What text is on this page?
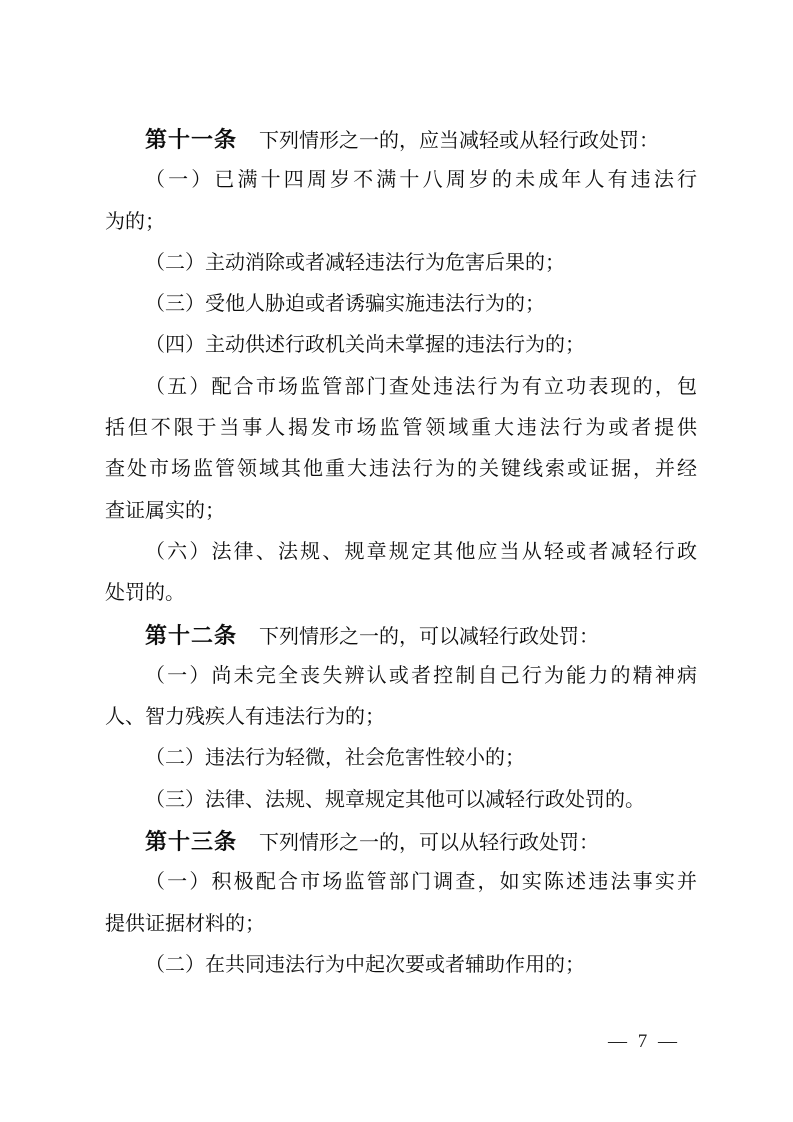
第十一条 下列情形之一的，应当减轻或从轻行政处罚：

（一）已满十四周岁不满十八周岁的未成年人有违法行
为的；

（二）主动消除或者减轻违法行为危害后果的；

（三）受他人胁迫或者诱骗实施违法行为的；

（四）主动供述行政机关尚未掌握的违法行为的；

（五）配合市场监管部门查处违法行为有立功表现的，包
括但不限于当事人揭发市场监管领域重大违法行为或者提供
查处市场监管领域其他重大违法行为的关键线索或证据，并经
查证属实的；

（六）法律、法规、规章规定其他应当从轻或者减轻行政
处罚的。

第十二条 下列情形之一的，可以减轻行政处罚：

（一）尚未完全丧失辨认或者控制自己行为能力的精神病
人、智力残疾人有违法行为的；

（二）违法行为轻微，社会危害性较小的；

（三）法律、法规、规章规定其他可以减轻行政处罚的。

第十三条 下列情形之一的，可以从轻行政处罚：

（一）积极配合市场监管部门调查，如实陈述违法事实并
提供证据材料的；

（二）在共同违法行为中起次要或者辅助作用的；

— 7 —
